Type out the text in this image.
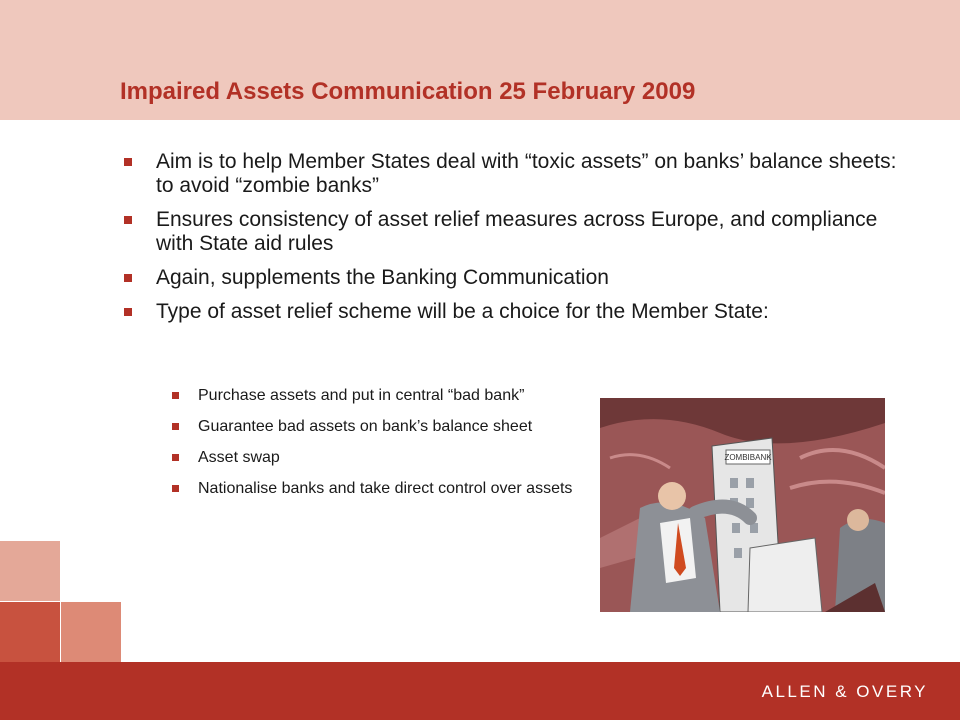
Impaired Assets Communication 25 February 2009
Aim is to help Member States deal with “toxic assets” on banks’ balance sheets: to avoid “zombie banks”
Ensures consistency of asset relief measures across Europe, and compliance with State aid rules
Again, supplements the Banking Communication
Type of asset relief scheme will be a choice for the Member State:
Purchase assets and put in central “bad bank”
Guarantee bad assets on bank’s balance sheet
Asset swap
Nationalise banks and take direct control over assets
ZOMBIBANK
ALLEN & OVERY
